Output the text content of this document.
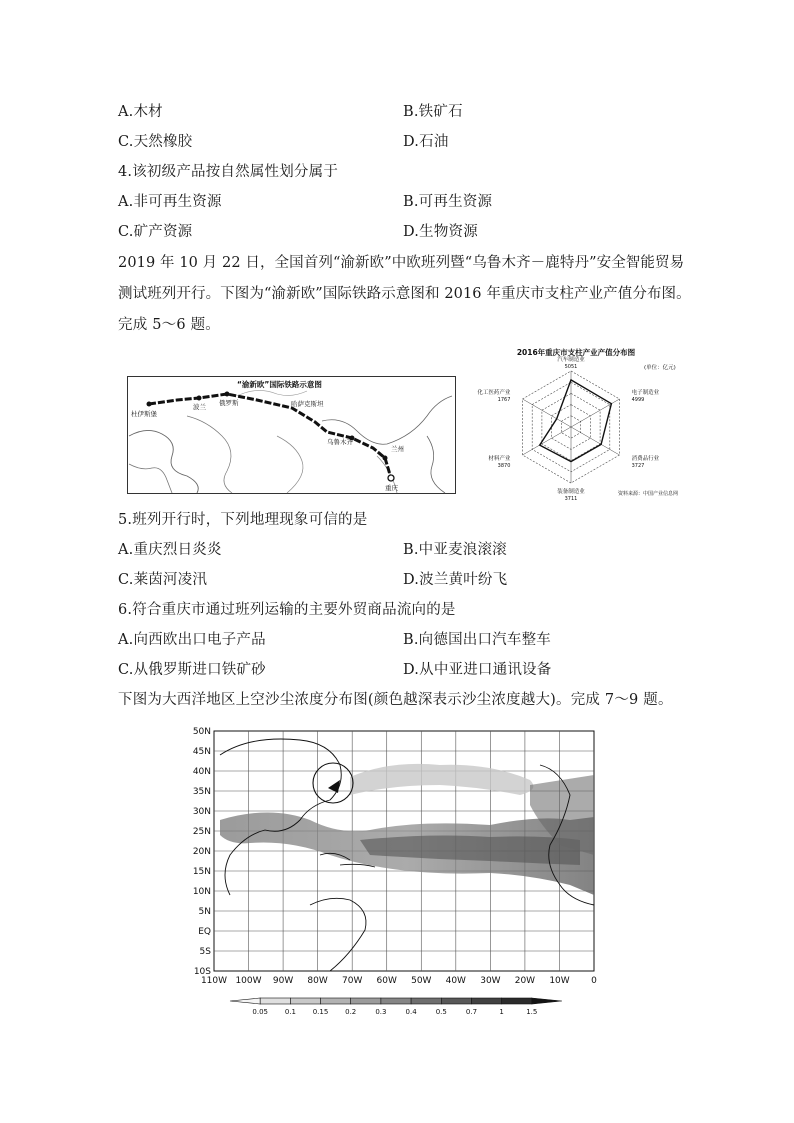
A.木材	B.铁矿石
C.天然橡胶	D.石油
4.该初级产品按自然属性划分属于
A.非可再生资源	B.可再生资源
C.矿产资源	D.生物资源
2019 年 10 月 22 日，全国首列“渝新欧”中欧班列暨“乌鲁木齐－鹿特丹”安全智能贸易
测试班列开行。下图为“渝新欧”国际铁路示意图和 2016 年重庆市支柱产业产值分布图。
完成 5～6 题。
“渝新欧”国际铁路示意图
杜伊斯堡
波兰 俄罗斯	哈萨克斯坦
乌鲁木齐
兰州
重庆
2016年重庆市支柱产业产值分布图
(单位：亿元)
资料来源：中国产业信息网
汽车制造业
5051
电子制造业
4999
消费品行业
3727
装备制造业
3711
材料产业
3870
化工医药产业
1767
5.班列开行时，下列地理现象可信的是
A.重庆烈日炎炎	B.中亚麦浪滚滚
C.莱茵河凌汛	D.波兰黄叶纷飞
6.符合重庆市通过班列运输的主要外贸商品流向的是
A.向西欧出口电子产品	B.向德国出口汽车整车
C.从俄罗斯进口铁矿砂	D.从中亚进口通讯设备
下图为大西洋地区上空沙尘浓度分布图(颜色越深表示沙尘浓度越大)。完成 7～9 题。
50N
45N
40N
35N
30N
25N
20N
15N
10N
5N
EQ
5S
10S
110W 100W 90W 80W 70W 60W 50W 40W 30W 20W 10W 0
0.05 0.1 0.15 0.2	0.3	0.4	0.5	0.7	1	1.5
